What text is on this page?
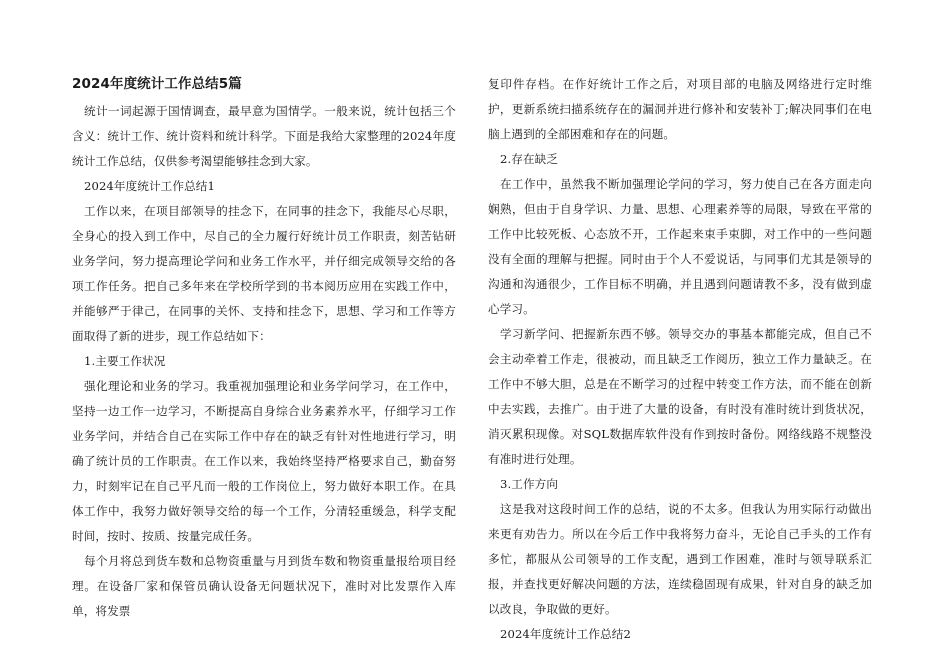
2024年度统计工作总结5篇
统计一词起源于国情调查，最早意为国情学。一般来说，统计包括三个含义：统计工作、统计资料和统计科学。下面是我给大家整理的2024年度统计工作总结，仅供参考渴望能够挂念到大家。
2024年度统计工作总结1
工作以来，在项目部领导的挂念下，在同事的挂念下，我能尽心尽职，全身心的投入到工作中，尽自己的全力履行好统计员工作职责，刻苦钻研业务学问，努力提高理论学问和业务工作水平，并仔细完成领导交给的各项工作任务。把自己多年来在学校所学到的书本阅历应用在实践工作中，并能够严于律己，在同事的关怀、支持和挂念下，思想、学习和工作等方面取得了新的进步，现工作总结如下：
1.主要工作状况
强化理论和业务的学习。我重视加强理论和业务学问学习，在工作中，坚持一边工作一边学习，不断提高自身综合业务素养水平，仔细学习工作业务学问，并结合自己在实际工作中存在的缺乏有针对性地进行学习，明确了统计员的工作职责。在工作以来，我始终坚持严格要求自己，勤奋努力，时刻牢记在自己平凡而一般的工作岗位上，努力做好本职工作。在具体工作中，我努力做好领导交给的每一个工作，分清轻重缓急，科学支配时间，按时、按质、按量完成任务。
每个月将总到货车数和总物资重量与月到货车数和物资重量报给项目经理。在设备厂家和保管员确认设备无问题状况下，准时对比发票作入库单，将发票
复印件存档。在作好统计工作之后，对项目部的电脑及网络进行定时维护，更新系统扫描系统存在的漏洞并进行修补和安装补丁;解决同事们在电脑上遇到的全部困难和存在的问题。
2.存在缺乏
在工作中，虽然我不断加强理论学问的学习，努力使自己在各方面走向娴熟，但由于自身学识、力量、思想、心理素养等的局限，导致在平常的工作中比较死板、心态放不开，工作起来束手束脚，对工作中的一些问题没有全面的理解与把握。同时由于个人不爱说话，与同事们尤其是领导的沟通和沟通很少，工作目标不明确，并且遇到问题请教不多，没有做到虚心学习。
学习新学问、把握新东西不够。领导交办的事基本都能完成，但自己不会主动牵着工作走，很被动，而且缺乏工作阅历，独立工作力量缺乏。在工作中不够大胆，总是在不断学习的过程中转变工作方法，而不能在创新中去实践，去推广。由于进了大量的设备，有时没有准时统计到货状况，消灭累积现像。对SQL数据库软件没有作到按时备份。网络线路不规整没有准时进行处理。
3.工作方向
这是我对这段时间工作的总结，说的不太多。但我认为用实际行动做出来更有劝告力。所以在今后工作中我将努力奋斗，无论自己手头的工作有多忙，都服从公司领导的工作支配，遇到工作困难，准时与领导联系汇报，并查找更好解决问题的方法，连续稳固现有成果，针对自身的缺乏加以改良，争取做的更好。
2024年度统计工作总结2
